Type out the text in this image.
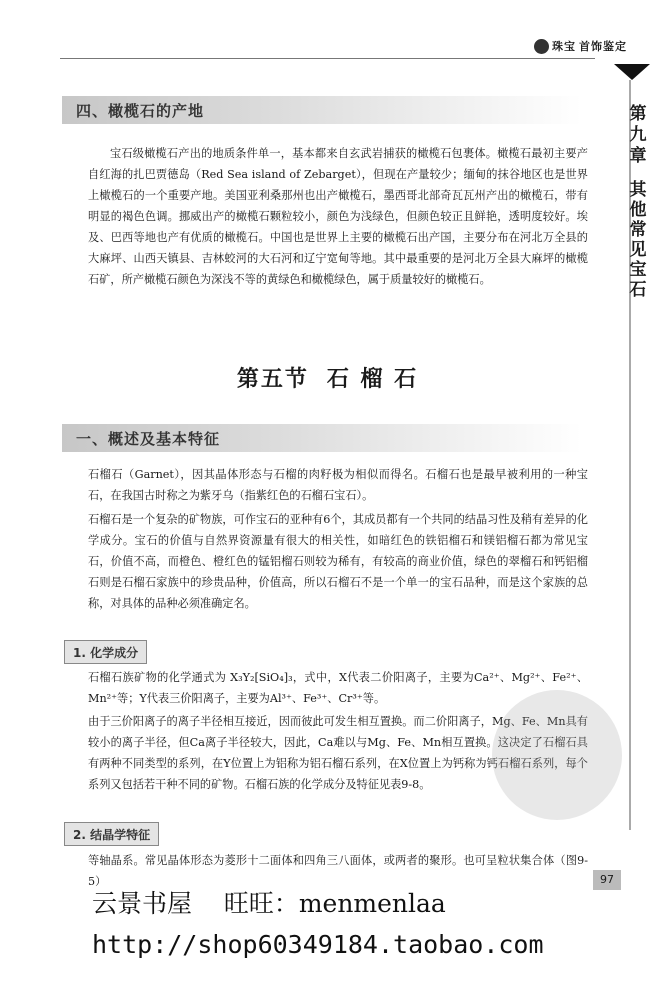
珠宝 首饰鉴定
第九章
其他常见宝石
四、橄榄石的产地

宝石级橄榄石产出的地质条件单一，基本都来自玄武岩捕获的橄榄石包裹体。橄榄石最初主要产自红海的扎巴贾德岛（Red Sea island of Zebarget），但现在产量较少；缅甸的抹谷地区也是世界上橄榄石的一个重要产地。美国亚利桑那州也出产橄榄石，墨西哥北部奇瓦瓦州产出的橄榄石，带有明显的褐色色调。挪威出产的橄榄石颗粒较小，颜色为浅绿色，但颜色较正且鲜艳，透明度较好。埃及、巴西等地也产有优质的橄榄石。中国也是世界上主要的橄榄石出产国，主要分布在河北万全县的大麻坪、山西天镇县、吉林蛟河的大石河和辽宁宽甸等地。其中最重要的是河北万全县大麻坪的橄榄石矿，所产橄榄石颜色为深浅不等的黄绿色和橄榄绿色，属于质量较好的橄榄石。

第五节 石 榴 石
一、概述及基本特征

石榴石（Garnet），因其晶体形态与石榴的肉籽极为相似而得名。石榴石也是最早被利用的一种宝石，在我国古时称之为紫牙乌（指紫红色的石榴石宝石）。

石榴石是一个复杂的矿物族，可作宝石的亚种有6个，其成员都有一个共同的结晶习性及稍有差异的化学成分。宝石的价值与自然界资源量有很大的相关性，如暗红色的铁铝榴石和镁铝榴石都为常见宝石，价值不高，而橙色、橙红色的锰铝榴石则较为稀有，有较高的商业价值，绿色的翠榴石和钙铝榴石则是石榴石家族中的珍贵品种，价值高，所以石榴石不是一个单一的宝石品种，而是这个家族的总称，对具体的品种必须准确定名。

1. 化学成分

石榴石族矿物的化学通式为 X₃Y₂[SiO₄]₃，式中，X代表二价阳离子，主要为Ca²⁺、Mg²⁺、Fe²⁺、Mn²⁺等；Y代表三价阳离子，主要为Al³⁺、Fe³⁺、Cr³⁺等。

由于三价阳离子的离子半径相互接近，因而彼此可发生相互置换。而二价阳离子，Mg、Fe、Mn具有较小的离子半径，但Ca离子半径较大，因此，Ca难以与Mg、Fe、Mn相互置换。这决定了石榴石具有两种不同类型的系列，在Y位置上为铝称为铝石榴石系列，在X位置上为钙称为钙石榴石系列，每个系列又包括若干种不同的矿物。石榴石族的化学成分及特征见表9-8。

2. 结晶学特征

等轴晶系。常见晶体形态为菱形十二面体和四角三八面体，或两者的聚形。也可呈粒状集合体（图9-5）	97
云景书屋 旺旺：menmenlaa
http://shop60349184.taobao.com
